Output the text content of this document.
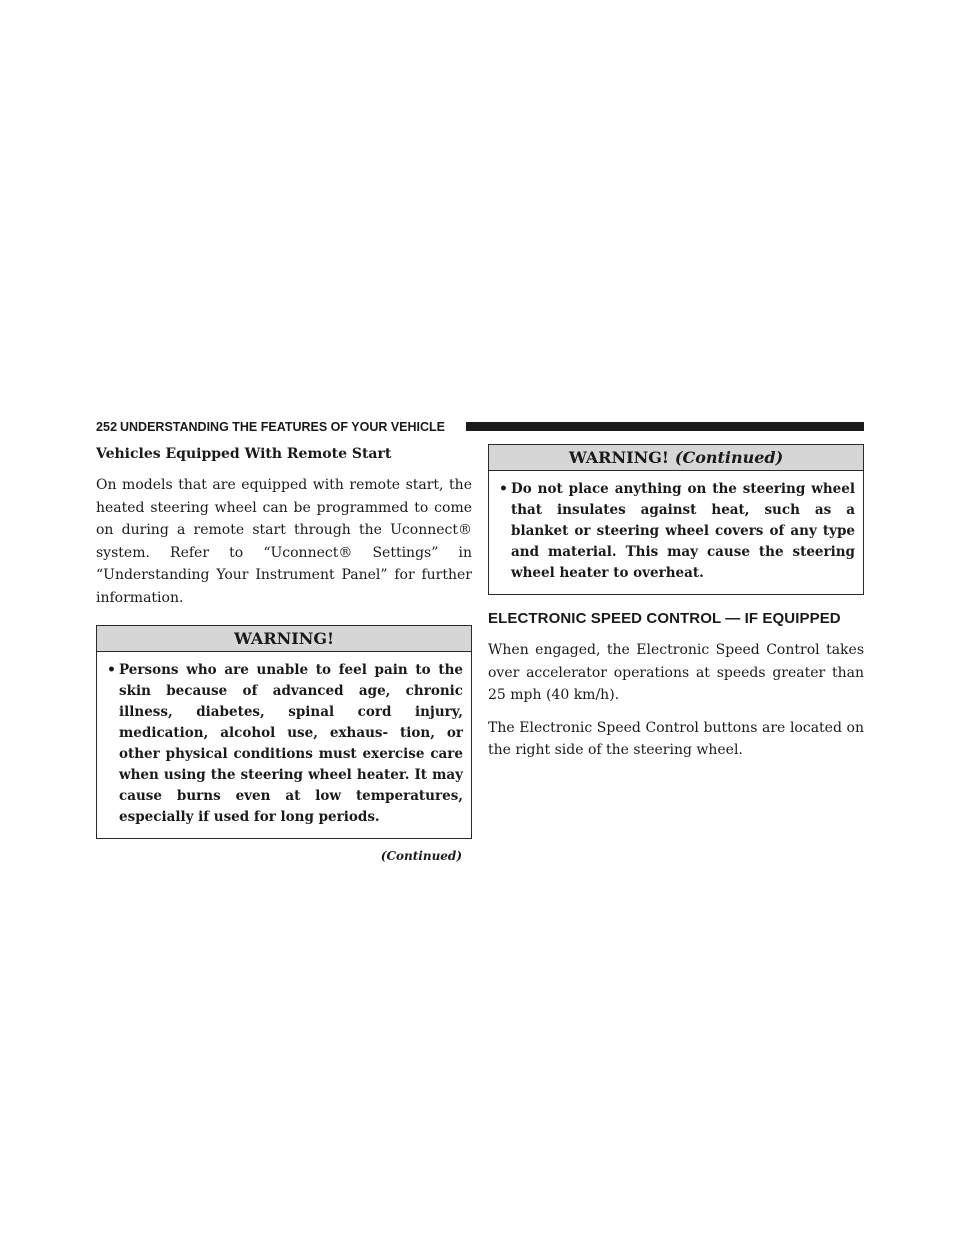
252 UNDERSTANDING THE FEATURES OF YOUR VEHICLE
Vehicles Equipped With Remote Start

On models that are equipped with remote start, the heated steering wheel can be programmed to come on during a remote start through the Uconnect® system. Refer to “Uconnect® Settings” in “Understanding Your Instrument Panel” for further information.

WARNING!
• Persons who are unable to feel pain to the skin because of advanced age, chronic illness, diabetes, spinal cord injury, medication, alcohol use, exhaus- tion, or other physical conditions must exercise care when using the steering wheel heater. It may cause burns even at low temperatures, especially if used for long periods.
(Continued)
WARNING! (Continued)
• Do not place anything on the steering wheel that insulates against heat, such as a blanket or steering wheel covers of any type and material. This may cause the steering wheel heater to overheat.
ELECTRONIC SPEED CONTROL — IF EQUIPPED

When engaged, the Electronic Speed Control takes over accelerator operations at speeds greater than 25 mph (40 km/h).

The Electronic Speed Control buttons are located on the right side of the steering wheel.
